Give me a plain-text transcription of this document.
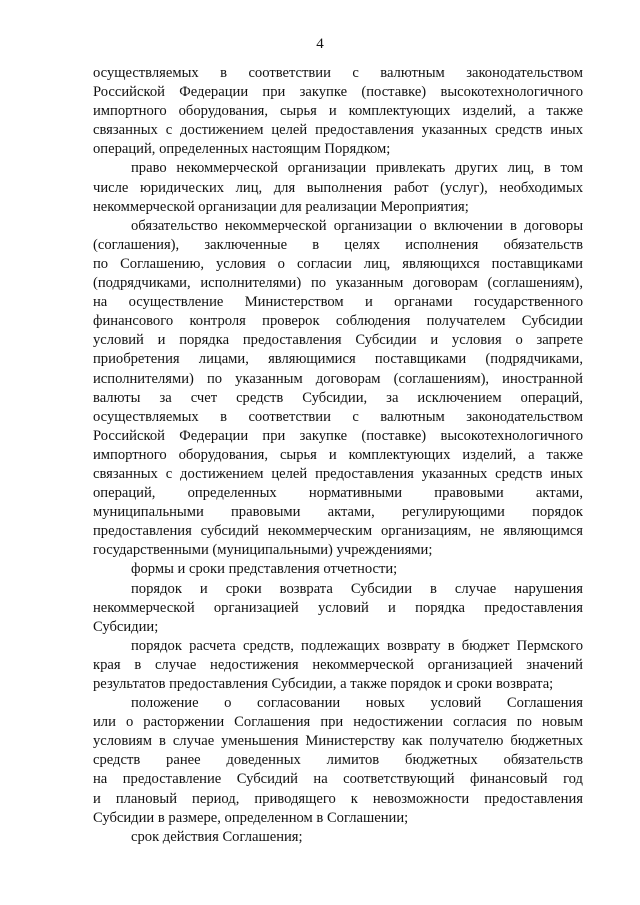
4
осуществляемых в соответствии с валютным законодательством
Российской Федерации при закупке (поставке) высокотехнологичного
импортного оборудования, сырья и комплектующих изделий, а также
связанных с достижением целей предоставления указанных средств иных
операций, определенных настоящим Порядком;
право некоммерческой организации привлекать других лиц, в том
числе юридических лиц, для выполнения работ (услуг), необходимых
некоммерческой организации для реализации Мероприятия;
обязательство некоммерческой организации о включении в договоры
(соглашения), заключенные в целях исполнения обязательств
по Соглашению, условия о согласии лиц, являющихся поставщиками
(подрядчиками, исполнителями) по указанным договорам (соглашениям),
на осуществление Министерством и органами государственного
финансового контроля проверок соблюдения получателем Субсидии
условий и порядка предоставления Субсидии и условия о запрете
приобретения лицами, являющимися поставщиками (подрядчиками,
исполнителями) по указанным договорам (соглашениям), иностранной
валюты за счет средств Субсидии, за исключением операций,
осуществляемых в соответствии с валютным законодательством
Российской Федерации при закупке (поставке) высокотехнологичного
импортного оборудования, сырья и комплектующих изделий, а также
связанных с достижением целей предоставления указанных средств иных
операций, определенных нормативными правовыми актами,
муниципальными правовыми актами, регулирующими порядок
предоставления субсидий некоммерческим организациям, не являющимся
государственными (муниципальными) учреждениями;
формы и сроки представления отчетности;
порядок и сроки возврата Субсидии в случае нарушения
некоммерческой организацией условий и порядка предоставления
Субсидии;
порядок расчета средств, подлежащих возврату в бюджет Пермского
края в случае недостижения некоммерческой организацией значений
результатов предоставления Субсидии, а также порядок и сроки возврата;
положение о согласовании новых условий Соглашения
или о расторжении Соглашения при недостижении согласия по новым
условиям в случае уменьшения Министерству как получателю бюджетных
средств ранее доведенных лимитов бюджетных обязательств
на предоставление Субсидий на соответствующий финансовый год
и плановый период, приводящего к невозможности предоставления
Субсидии в размере, определенном в Соглашении;
срок действия Соглашения;
